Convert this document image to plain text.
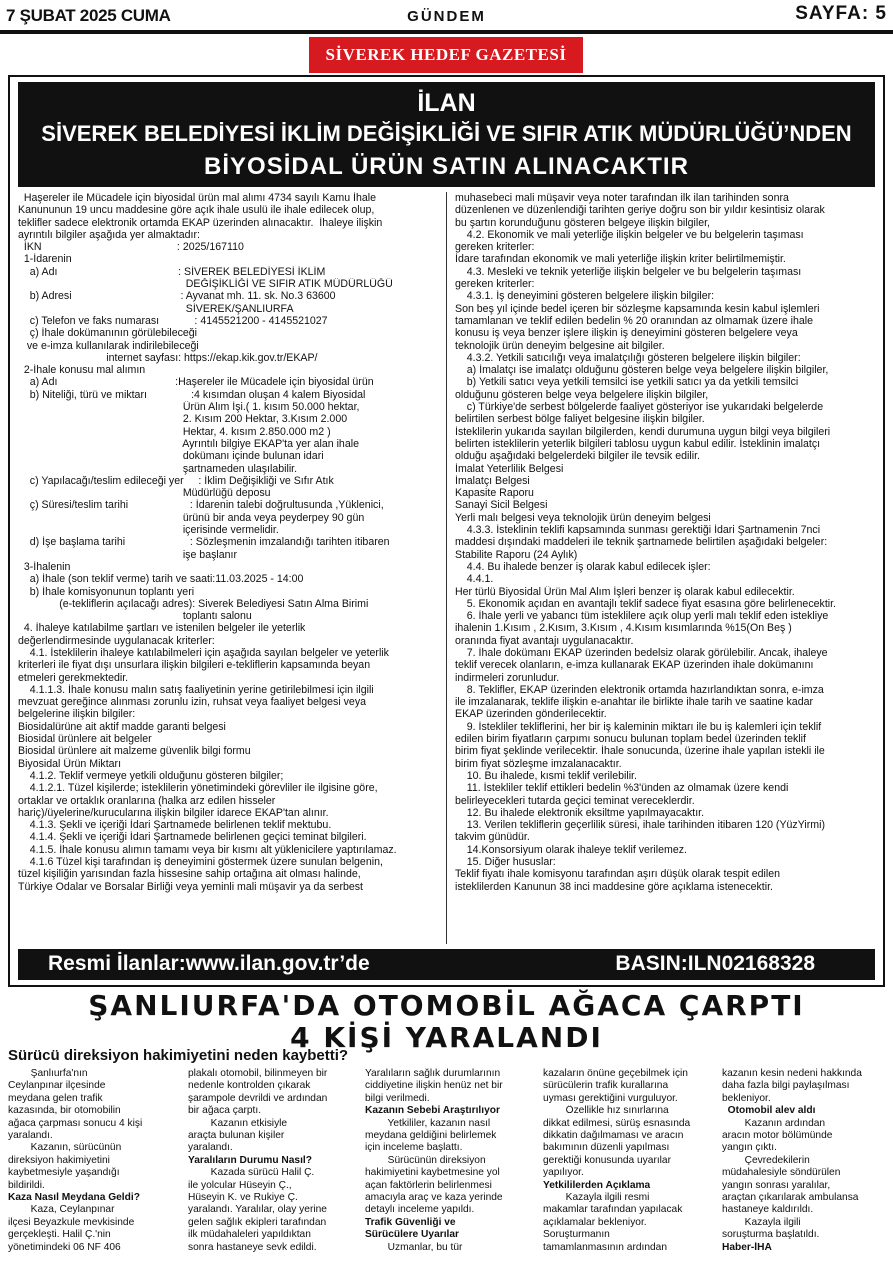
7 ŞUBAT 2025 CUMA	GÜNDEM	SAYFA: 5
SİVEREK HEDEF GAZETESİ
İLAN
SİVEREK BELEDİYESİ İKLİM DEĞİŞİKLİĞİ VE SIFIR ATIK MÜDÜRLÜĞÜ’NDEN
BİYOSİDAL ÜRÜN SATIN ALINACAKTIR

Haşereler ile Mücadele için biyosidal ürün mal alımı 4734 sayılı Kamu İhale

Kanununun 19 uncu maddesine göre açık ihale usulü ile ihale edilecek olup,

teklifler sadece elektronik ortamda EKAP üzerinden alınacaktır.  İhaleye ilişkin

ayrıntılı bilgiler aşağıda yer almaktadır:

İKN                                              : 2025/167110

1-İdarenin

a) Adı                                         : SİVEREK BELEDİYESİ İKLİM

DEĞİŞİKLİĞİ VE SIFIR ATIK MÜDÜRLÜĞÜ

b) Adresi                                     : Ayvanat mh. 11. sk. No.3 63600

SİVEREK/ŞANLIURFA

c) Telefon ve faks numarası            : 4145521200 - 4145521027

ç) İhale dokümanının görülebileceği

ve e-imza kullanılarak indirilebileceği

internet sayfası: https://ekap.kik.gov.tr/EKAP/

2-İhale konusu mal alımın

a) Adı                                        :Haşereler ile Mücadele için biyosidal ürün

b) Niteliği, türü ve miktarı               :4 kısımdan oluşan 4 kalem Biyosidal

Ürün Alım İşi.( 1. kısım 50.000 hektar,

2. Kısım 200 Hektar, 3.Kısım 2.000

Hektar, 4. kısım 2.850.000 m2 )

Ayrıntılı bilgiye EKAP'ta yer alan ihale

dokümanı içinde bulunan idari

şartnameden ulaşılabilir.

c) Yapılacağı/teslim edileceği yer     : İklim Değişikliği ve Sıfır Atık

Müdürlüğü deposu

ç) Süresi/teslim tarihi                     : İdarenin talebi doğrultusunda ,Yüklenici,

ürünü bir anda veya peyderpey 90 gün

içerisinde vermelidir.

d) İşe başlama tarihi                      : Sözleşmenin imzalandığı tarihten itibaren

işe başlanır

3-İhalenin

a) İhale (son teklif verme) tarih ve saati:11.03.2025 - 14:00

b) İhale komisyonunun toplantı yeri

(e-tekliflerin açılacağı adres): Siverek Belediyesi Satın Alma Birimi

toplantı salonu

4. İhaleye katılabilme şartları ve istenilen belgeler ile yeterlik

değerlendirmesinde uygulanacak kriterler:

4.1. İsteklilerin ihaleye katılabilmeleri için aşağıda sayılan belgeler ve yeterlik

kriterleri ile fiyat dışı unsurlara ilişkin bilgileri e-tekliflerin kapsamında beyan

etmeleri gerekmektedir.

4.1.1.3. İhale konusu malın satış faaliyetinin yerine getirilebilmesi için ilgili

mevzuat gereğince alınması zorunlu izin, ruhsat veya faaliyet belgesi veya

belgelerine ilişkin bilgiler:

Biosidalürüne ait aktif madde garanti belgesi

Biosidal ürünlere ait belgeler

Biosidal ürünlere ait malzeme güvenlik bilgi formu

Biyosidal Ürün Miktarı

4.1.2. Teklif vermeye yetkili olduğunu gösteren bilgiler;

4.1.2.1. Tüzel kişilerde; isteklilerin yönetimindeki görevliler ile ilgisine göre,

ortaklar ve ortaklık oranlarına (halka arz edilen hisseler

hariç)/üyelerine/kurucularına ilişkin bilgiler idarece EKAP'tan alınır.

4.1.3. Şekli ve içeriği İdari Şartnamede belirlenen teklif mektubu.

4.1.4. Şekli ve içeriği İdari Şartnamede belirlenen geçici teminat bilgileri.

4.1.5. İhale konusu alımın tamamı veya bir kısmı alt yüklenicilere yaptırılamaz.

4.1.6 Tüzel kişi tarafından iş deneyimini göstermek üzere sunulan belgenin,

tüzel kişiliğin yarısından fazla hissesine sahip ortağına ait olması halinde,

Türkiye Odalar ve Borsalar Birliği veya yeminli mali müşavir ya da serbest

muhasebeci mali müşavir veya noter tarafından ilk ilan tarihinden sonra

düzenlenen ve düzenlendiği tarihten geriye doğru son bir yıldır kesintisiz olarak

bu şartın korunduğunu gösteren belgeye ilişkin bilgiler,

4.2. Ekonomik ve mali yeterliğe ilişkin belgeler ve bu belgelerin taşıması

gereken kriterler:

İdare tarafından ekonomik ve mali yeterliğe ilişkin kriter belirtilmemiştir.

4.3. Mesleki ve teknik yeterliğe ilişkin belgeler ve bu belgelerin taşıması

gereken kriterler:

4.3.1. İş deneyimini gösteren belgelere ilişkin bilgiler:

Son beş yıl içinde bedel içeren bir sözleşme kapsamında kesin kabul işlemleri

tamamlanan ve teklif edilen bedelin % 20 oranından az olmamak üzere ihale

konusu iş veya benzer işlere ilişkin iş deneyimini gösteren belgelere veya

teknolojik ürün deneyim belgesine ait bilgiler.

4.3.2. Yetkili satıcılığı veya imalatçılığı gösteren belgelere ilişkin bilgiler:

a) İmalatçı ise imalatçı olduğunu gösteren belge veya belgelere ilişkin bilgiler,

b) Yetkili satıcı veya yetkili temsilci ise yetkili satıcı ya da yetkili temsilci

olduğunu gösteren belge veya belgelere ilişkin bilgiler,

c) Türkiye'de serbest bölgelerde faaliyet gösteriyor ise yukarıdaki belgelerde

belirtilen serbest bölge faliyet belgesine ilişkin bilgiler.

İsteklilerin yukarıda sayılan bilgilerden, kendi durumuna uygun bilgi veya bilgileri

belirten isteklilerin yeterlik bilgileri tablosu uygun kabul edilir. İsteklinin imalatçı

olduğu aşağıdaki belgelerdeki bilgiler ile tevsik edilir.

İmalat Yeterlilik Belgesi

İmalatçı Belgesi

Kapasite Raporu

Sanayi Sicil Belgesi

Yerli malı belgesi veya teknolojik ürün deneyim belgesi

4.3.3. İsteklinin teklifi kapsamında sunması gerektiği İdari Şartnamenin 7nci

maddesi dışındaki maddeleri ile teknik şartnamede belirtilen aşağıdaki belgeler:

Stabilite Raporu (24 Aylık)

4.4. Bu ihalede benzer iş olarak kabul edilecek işler:

4.4.1.

Her türlü Biyosidal Ürün Mal Alım İşleri benzer iş olarak kabul edilecektir.

5. Ekonomik açıdan en avantajlı teklif sadece fiyat esasına göre belirlenecektir.

6. İhale yerli ve yabancı tüm isteklilere açık olup yerli malı teklif eden istekliye

ihalenin 1.Kısım , 2.Kısım, 3.Kısım , 4.Kısım kısımlarında %15(On Beş )

oranında fiyat avantajı uygulanacaktır.

7. İhale dokümanı EKAP üzerinden bedelsiz olarak görülebilir. Ancak, ihaleye

teklif verecek olanların, e-imza kullanarak EKAP üzerinden ihale dokümanını

indirmeleri zorunludur.

8. Teklifler, EKAP üzerinden elektronik ortamda hazırlandıktan sonra, e-imza

ile imzalanarak, teklife ilişkin e-anahtar ile birlikte ihale tarih ve saatine kadar

EKAP üzerinden gönderilecektir.

9. İstekliler tekliflerini, her bir iş kaleminin miktarı ile bu iş kalemleri için teklif

edilen birim fiyatların çarpımı sonucu bulunan toplam bedel üzerinden teklif

birim fiyat şeklinde verilecektir. İhale sonucunda, üzerine ihale yapılan istekli ile

birim fiyat sözleşme imzalanacaktır.

10. Bu ihalede, kısmi teklif verilebilir.

11. İstekliler teklif ettikleri bedelin %3'ünden az olmamak üzere kendi

belirleyecekleri tutarda geçici teminat vereceklerdir.

12. Bu ihalede elektronik eksiltme yapılmayacaktır.

13. Verilen tekliflerin geçerlilik süresi, ihale tarihinden itibaren 120 (YüzYirmi)

takvim günüdür.

14.Konsorsiyum olarak ihaleye teklif verilemez.

15. Diğer hususlar:

Teklif fiyatı ihale komisyonu tarafından aşırı düşük olarak tespit edilen

isteklilerden Kanunun 38 inci maddesine göre açıklama istenecektir.

Resmi İlanlar:www.ilan.gov.tr’de	BASIN:ILN02168328
ŞANLIURFA'DA OTOMOBİL AĞACA ÇARPTI
4 KİŞİ YARALANDI
Sürücü direksiyon hakimiyetini neden kaybetti?

Şanlıurfa'nın

Ceylanpınar ilçesinde

meydana gelen trafik

kazasında, bir otomobilin

ağaca çarpması sonucu 4 kişi

yaralandı.

Kazanın, sürücünün

direksiyon hakimiyetini

kaybetmesiyle yaşandığı

bildirildi.

Kaza Nasıl Meydana Geldi?

Kaza, Ceylanpınar

ilçesi Beyazkule mevkisinde

gerçekleşti. Halil Ç.'nin

yönetimindeki 06 NF 406

plakalı otomobil, bilinmeyen bir

nedenle kontrolden çıkarak

şarampole devrildi ve ardından

bir ağaca çarptı.

Kazanın etkisiyle

araçta bulunan kişiler

yaralandı.

Yaralıların Durumu Nasıl?

Kazada sürücü Halil Ç.

ile yolcular Hüseyin Ç.,

Hüseyin K. ve Rukiye Ç.

yaralandı. Yaralılar, olay yerine

gelen sağlık ekipleri tarafından

ilk müdahaleleri yapıldıktan

sonra hastaneye sevk edildi.

Yaralıların sağlık durumlarının

ciddiyetine ilişkin henüz net bir

bilgi verilmedi.

Kazanın Sebebi Araştırılıyor

Yetkililer, kazanın nasıl

meydana geldiğini belirlemek

için inceleme başlattı.

Sürücünün direksiyon

hakimiyetini kaybetmesine yol

açan faktörlerin belirlenmesi

amacıyla araç ve kaza yerinde

detaylı inceleme yapıldı.

Trafik Güvenliği ve

Sürücülere Uyarılar

Uzmanlar, bu tür

kazaların önüne geçebilmek için

sürücülerin trafik kurallarına

uyması gerektiğini vurguluyor.

Özellikle hız sınırlarına

dikkat edilmesi, sürüş esnasında

dikkatin dağılmaması ve aracın

bakımının düzenli yapılması

gerektiği konusunda uyarılar

yapılıyor.

Yetkililerden Açıklama

Kazayla ilgili resmi

makamlar tarafından yapılacak

açıklamalar bekleniyor.

Soruşturmanın

tamamlanmasının ardından

kazanın kesin nedeni hakkında

daha fazla bilgi paylaşılması

bekleniyor.

Otomobil alev aldı

Kazanın ardından

aracın motor bölümünde

yangın çıktı.

Çevredekilerin

müdahalesiyle söndürülen

yangın sonrası yaralılar,

araçtan çıkarılarak ambulansa

hastaneye kaldırıldı.

Kazayla ilgili

soruşturma başlatıldı.

Haber-İHA
